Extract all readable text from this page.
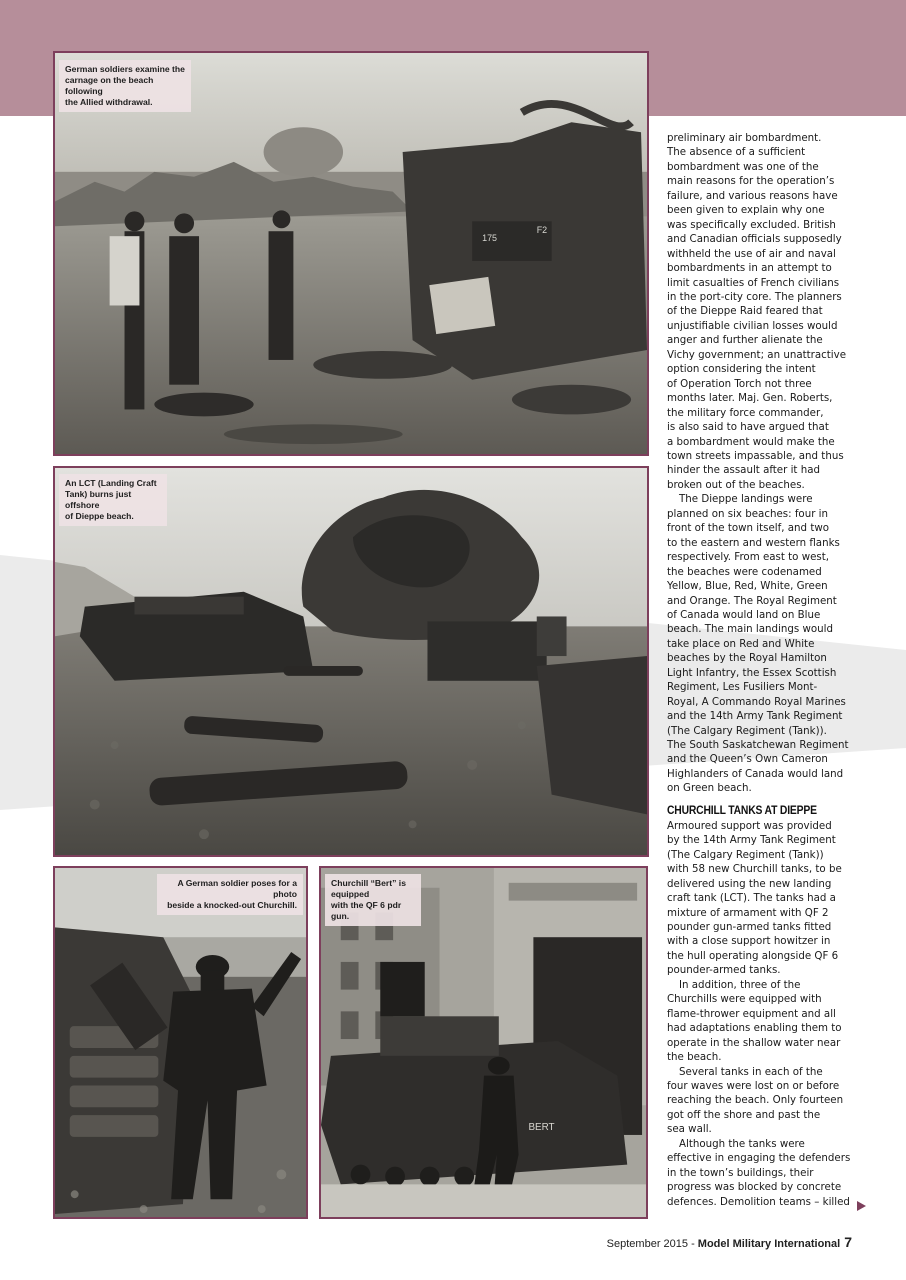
175
F2
German soldiers examine the
carnage on the beach following
the Allied withdrawal.
An LCT (Landing Craft
Tank) burns just offshore
of Dieppe beach.
A German soldier poses for a photo
beside a knocked-out Churchill.
BERT
Churchill “Bert” is equipped
with the QF 6 pdr gun.

preliminary air bombardment.
The absence of a sufficient
bombardment was one of the
main reasons for the operation’s
failure, and various reasons have
been given to explain why one
was specifically excluded. British
and Canadian officials supposedly
withheld the use of air and naval
bombardments in an attempt to
limit casualties of French civilians
in the port-city core. The planners
of the Dieppe Raid feared that
unjustifiable civilian losses would
anger and further alienate the
Vichy government; an unattractive
option considering the intent
of Operation Torch not three
months later. Maj. Gen. Roberts,
the military force commander,
is also said to have argued that
a bombardment would make the
town streets impassable, and thus
hinder the assault after it had
broken out of the beaches.

The Dieppe landings were
planned on six beaches: four in
front of the town itself, and two
to the eastern and western flanks
respectively. From east to west,
the beaches were codenamed
Yellow, Blue, Red, White, Green
and Orange. The Royal Regiment
of Canada would land on Blue
beach. The main landings would
take place on Red and White
beaches by the Royal Hamilton
Light Infantry, the Essex Scottish
Regiment, Les Fusiliers Mont-
Royal, A Commando Royal Marines
and the 14th Army Tank Regiment
(The Calgary Regiment (Tank)).
The South Saskatchewan Regiment
and the Queen’s Own Cameron
Highlanders of Canada would land
on Green beach.

CHURCHILL TANKS AT DIEPPE

Armoured support was provided
by the 14th Army Tank Regiment
(The Calgary Regiment (Tank))
with 58 new Churchill tanks, to be
delivered using the new landing
craft tank (LCT). The tanks had a
mixture of armament with QF 2
pounder gun-armed tanks fitted
with a close support howitzer in
the hull operating alongside QF 6
pounder-armed tanks.

In addition, three of the
Churchills were equipped with
flame-thrower equipment and all
had adaptations enabling them to
operate in the shallow water near
the beach.

Several tanks in each of the
four waves were lost on or before
reaching the beach. Only fourteen
got off the shore and past the
sea wall.

Although the tanks were
effective in engaging the defenders
in the town’s buildings, their
progress was blocked by concrete
defences. Demolition teams – killed

September 2015 - Model Military International 7
